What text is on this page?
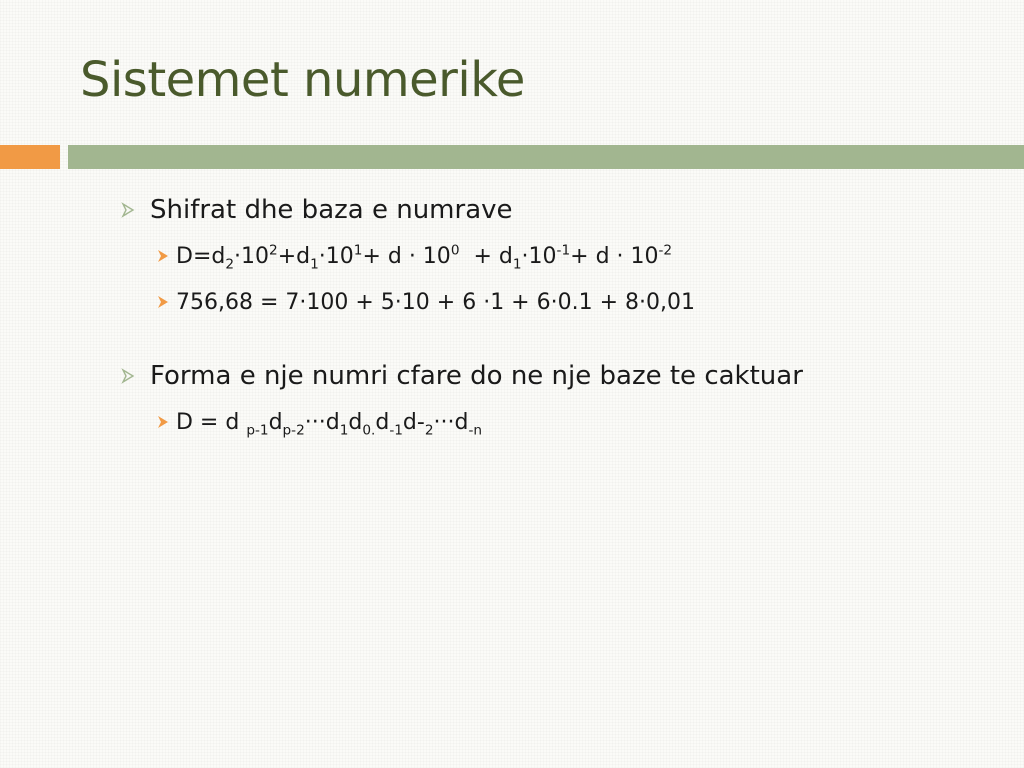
Sistemet numerike
Shifrat dhe baza e numrave
$D=d_2\cdot 10^2+d_1\cdot 10^1+ d \cdot 10^0 + d_1\cdot 10^{-1}+ d \cdot 10^{-2}$
756,68 = 7·100 + 5·10 + 6 ·1 + 6·0.1 + 8·0,01
Forma e nje numri cfare do ne nje baze te caktuar
D = d $_{p-1}d_{p-2}\cdot\cdot\cdot d_1d_{0.}d_{-1}d-_2\cdot\cdot\cdot d_{-n}$
